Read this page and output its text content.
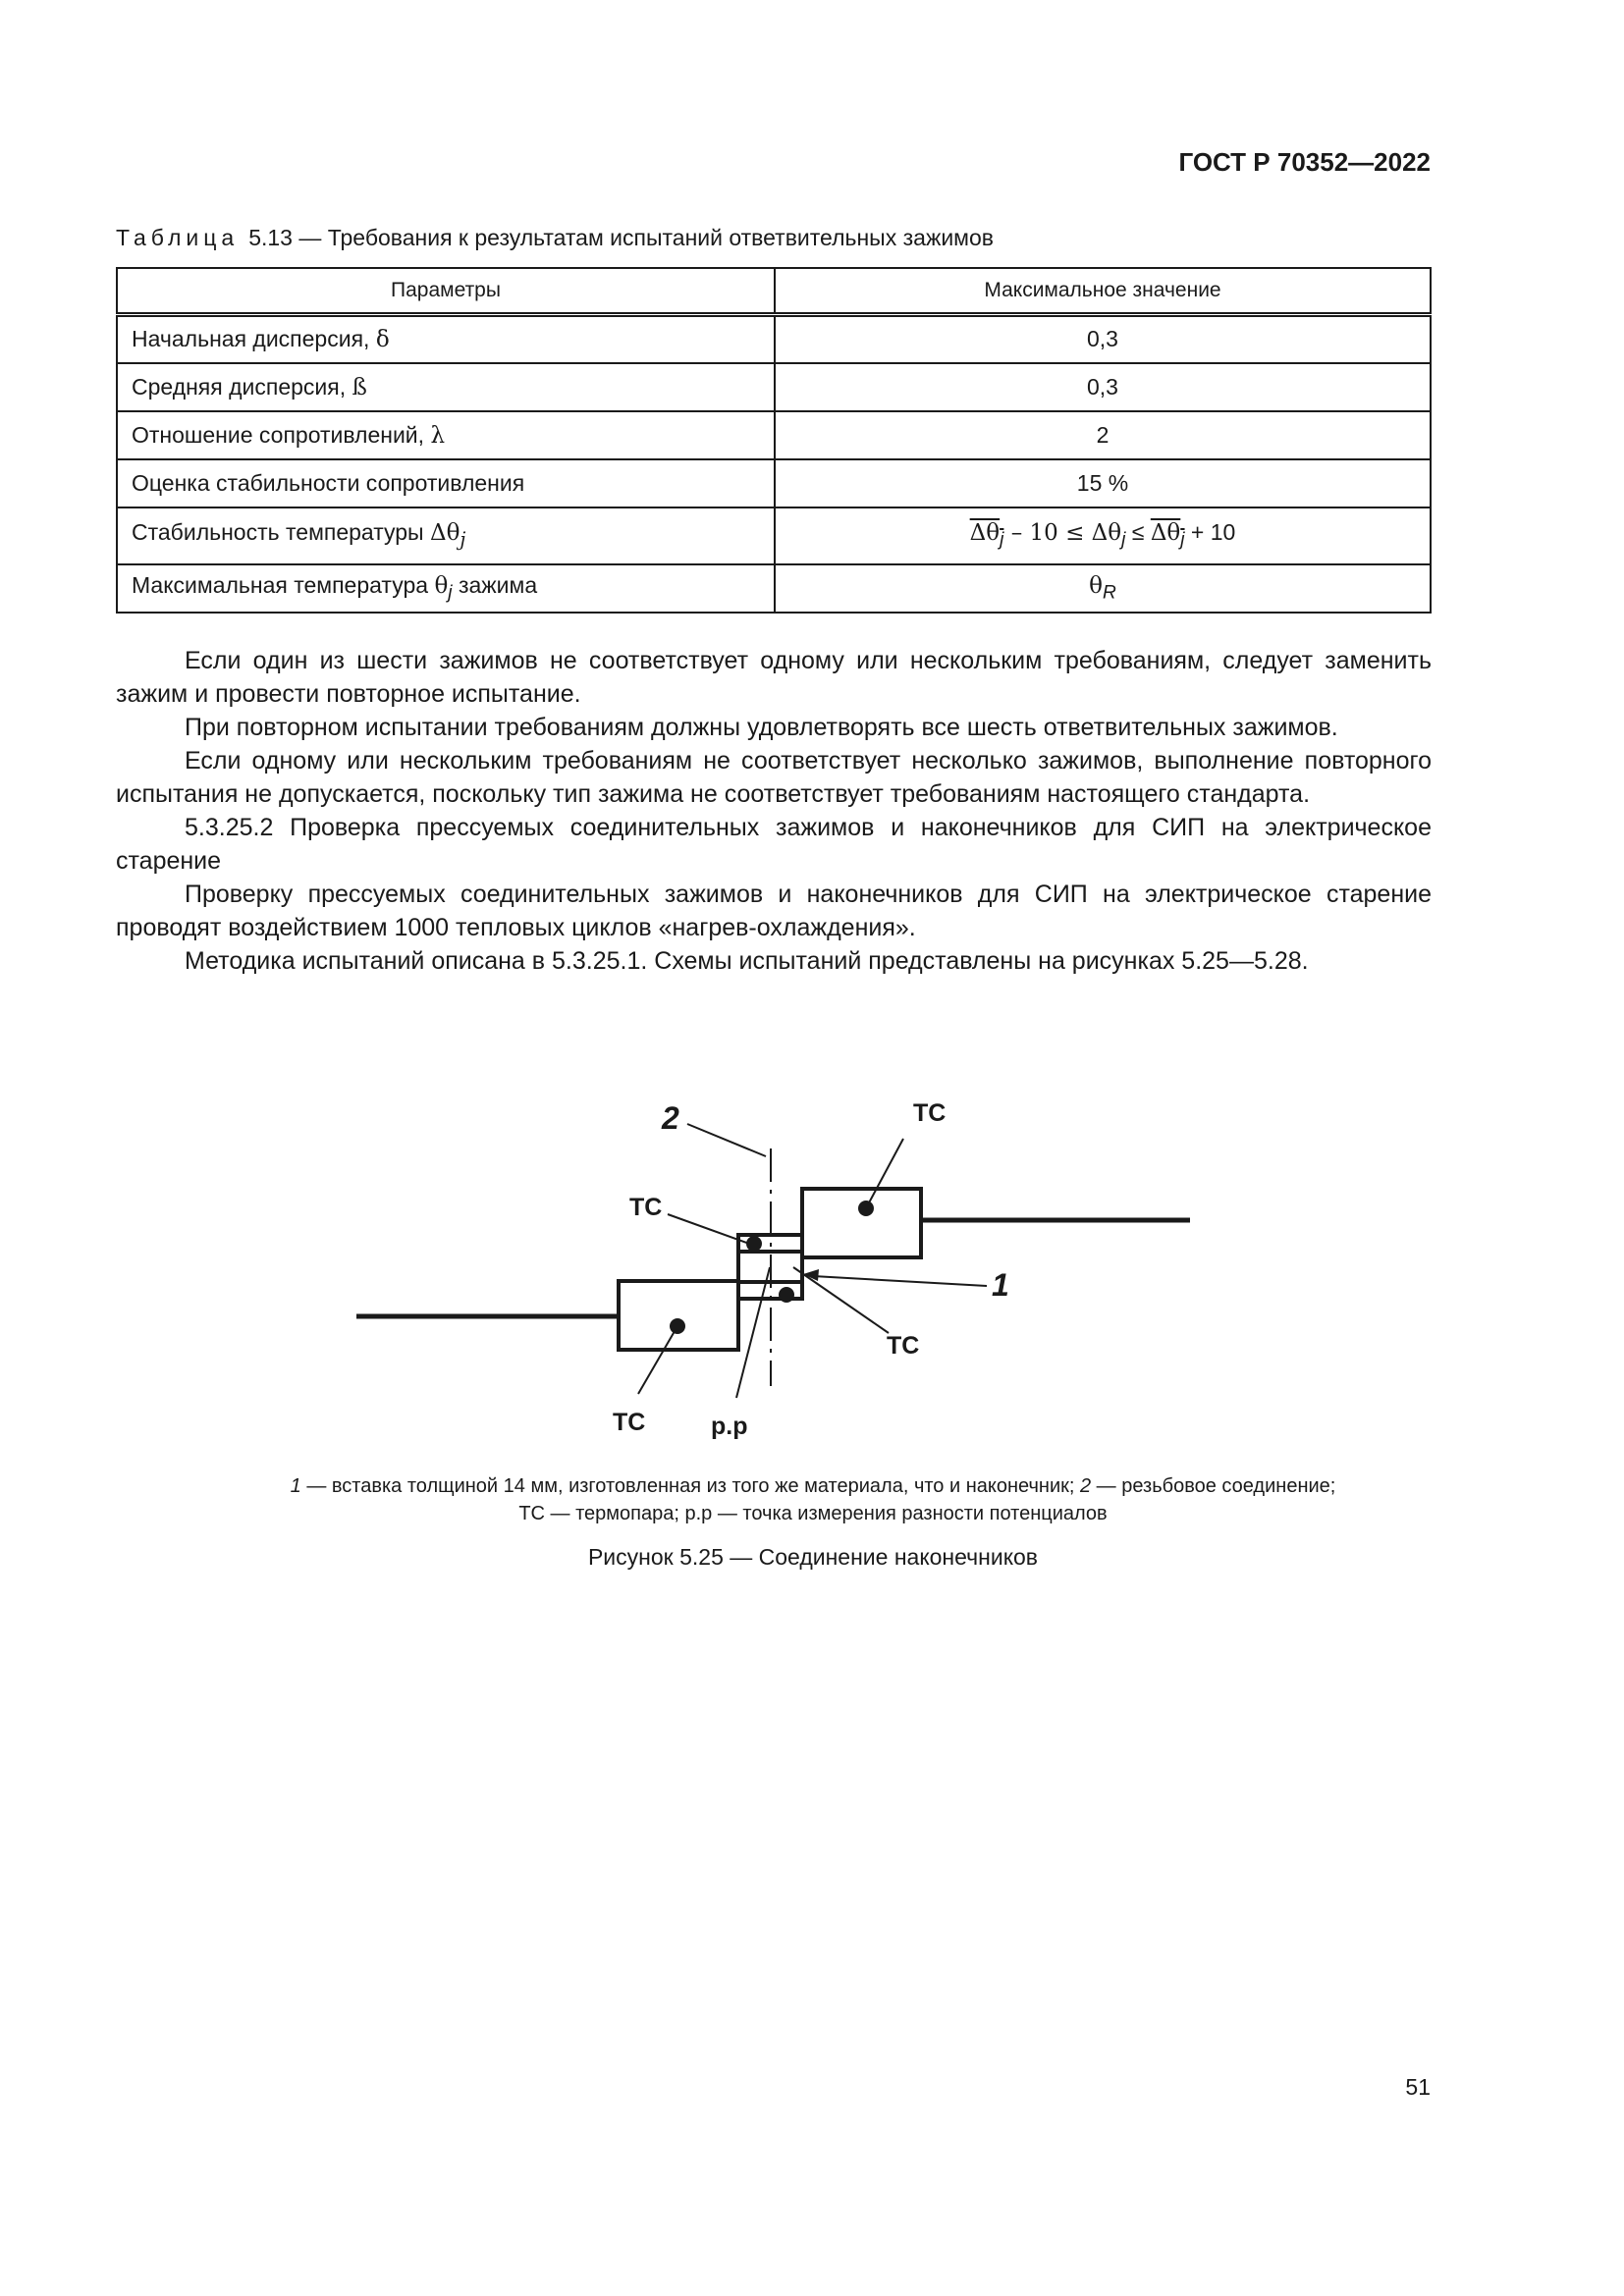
ГОСТ Р 70352—2022
Таблица 5.13 — Требования к результатам испытаний ответвительных зажимов
Параметры	Максимальное значение
Начальная дисперсия, δ	0,3
Средняя дисперсия, ß	0,3
Отношение сопротивлений, λ	2
Оценка стабильности сопротивления	15 %
Стабильность температуры $\Delta\theta_j$	$\Delta\theta_j - 10 \le \Delta\theta_j \le \Delta\theta_j + 10$
Максимальная температура $\theta_j$ зажима	$\theta_R$

Если один из шести зажимов не соответствует одному или нескольким требованиям, следует заменить зажим и провести повторное испытание.

При повторном испытании требованиям должны удовлетворять все шесть ответвительных зажимов.

Если одному или нескольким требованиям не соответствует несколько зажимов, выполнение повторного испытания не допускается, поскольку тип зажима не соответствует требованиям настоящего стандарта.

5.3.25.2 Проверка прессуемых соединительных зажимов и наконечников для СИП на электрическое старение

Проверку прессуемых соединительных зажимов и наконечников для СИП на электрическое старение проводят воздействием 1000 тепловых циклов «нагрев-охлаждения».

Методика испытаний описана в 5.3.25.1. Схемы испытаний представлены на рисунках 5.25—5.28.

2	TC
TC
1
TC
TC	p.p
1 — вставка толщиной 14 мм, изготовленная из того же материала, что и наконечник; 2 — резьбовое соединение;
TC — термопара; p.p — точка измерения разности потенциалов
Рисунок 5.25 — Соединение наконечников
51
